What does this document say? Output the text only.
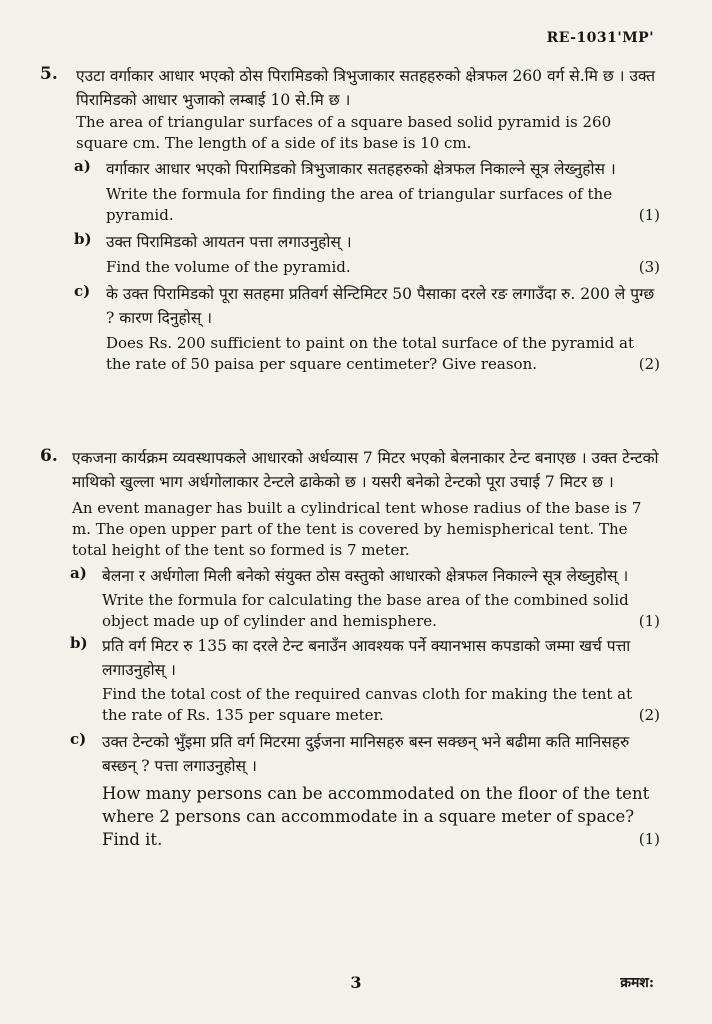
RE-1031'MP'
5. एउटा वर्गाकार आधार भएको ठोस पिरामिडको त्रिभुजाकार सतहहरुको क्षेत्रफल 260 वर्ग से.मि छ । उक्त पिरामिडको आधार भुजाको लम्बाई 10 से.मि छ ।

The area of triangular surfaces of a square based solid pyramid is 260 square cm. The length of a side of its base is 10 cm.

a) वर्गाकार आधार भएको पिरामिडको त्रिभुजाकार सतहहरुको क्षेत्रफल निकाल्ने सूत्र लेख्नुहोस ।

Write the formula for finding the area of triangular surfaces of the pyramid.	(1)

b) उक्त पिरामिडको आयतन पत्ता लगाउनुहोस् ।

Find the volume of the pyramid.	(3)

c) के उक्त पिरामिडको पूरा सतहमा प्रतिवर्ग सेन्टिमिटर 50 पैसाका दरले रङ लगाउँदा रु. 200 ले पुग्छ ? कारण दिनुहोस् ।

Does Rs. 200 sufficient to paint on the total surface of the pyramid at the rate of 50 paisa per square centimeter? Give reason.	(2)

6. एकजना कार्यक्रम व्यवस्थापकले आधारको अर्धव्यास 7 मिटर भएको बेलनाकार टेन्ट बनाएछ । उक्त टेन्टको माथिको खुल्ला भाग अर्धगोलाकार टेन्टले ढाकेको छ । यसरी बनेको टेन्टको पूरा उचाई 7 मिटर छ ।

An event manager has built a cylindrical tent whose radius of the base is 7 m. The open upper part of the tent is covered by hemispherical tent. The total height of the tent so formed is 7 meter.

a) बेलना र अर्धगोला मिली बनेको संयुक्त ठोस वस्तुको आधारको क्षेत्रफल निकाल्ने सूत्र लेख्नुहोस् ।

Write the formula for calculating the base area of the combined solid object made up of cylinder and hemisphere.	(1)

b) प्रति वर्ग मिटर रु 135 का दरले टेन्ट बनाउँन आवश्यक पर्ने क्यानभास कपडाको जम्मा खर्च पत्ता लगाउनुहोस् ।

Find the total cost of the required canvas cloth for making the tent at the rate of Rs. 135 per square meter.	(2)

c) उक्त टेन्टको भुँइमा प्रति वर्ग मिटरमा दुईजना मानिसहरु बस्न सक्छन् भने बढीमा कति मानिसहरु बस्छन् ? पत्ता लगाउनुहोस् ।

How many persons can be accommodated on the floor of the tent where 2 persons can accommodate in a square meter of space? Find it.	(1)

3	क्रमश:
